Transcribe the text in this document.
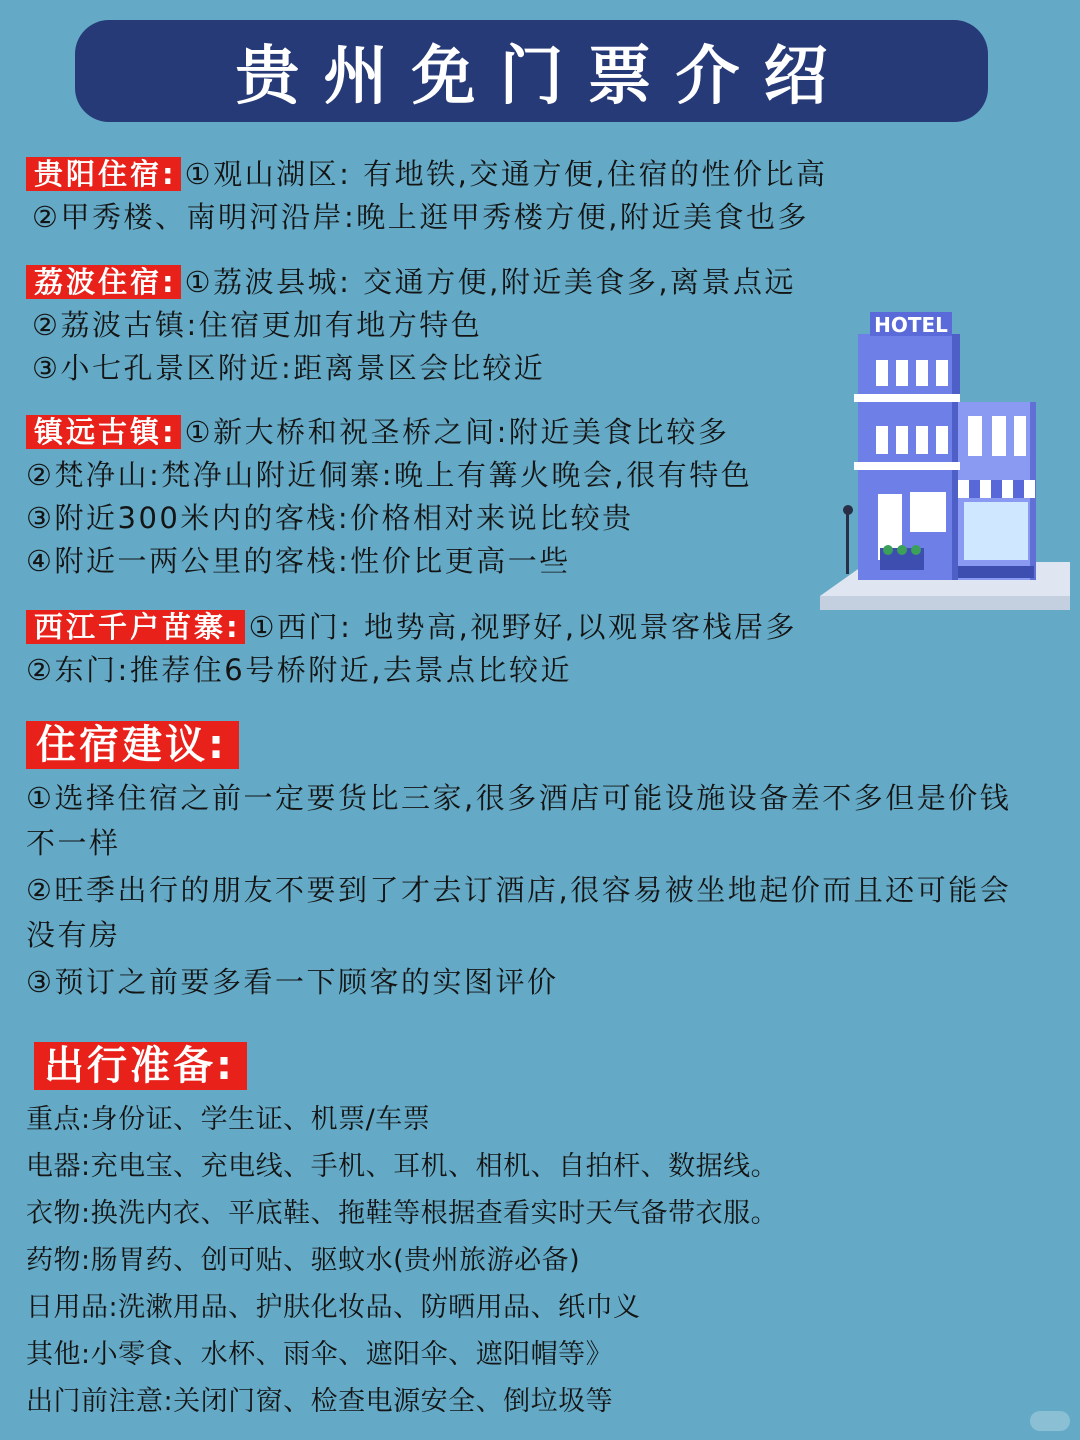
贵州免门票介绍
贵阳住宿: ①观山湖区: 有地铁,交通方便,住宿的性价比高
②甲秀楼、南明河沿岸:晚上逛甲秀楼方便,附近美食也多
荔波住宿: ①荔波县城: 交通方便,附近美食多,离景点远
②荔波古镇:住宿更加有地方特色
③小七孔景区附近:距离景区会比较近
镇远古镇: ①新大桥和祝圣桥之间:附近美食比较多
②梵净山:梵净山附近侗寨:晚上有篝火晚会,很有特色
③附近300米内的客栈:价格相对来说比较贵
④附近一两公里的客栈:性价比更高一些
西江千户苗寨: ①西门: 地势高,视野好,以观景客栈居多
②东门:推荐住6号桥附近,去景点比较近
HOTEL
住宿建议:
①选择住宿之前一定要货比三家,很多酒店可能设施设备差不多但是价钱不一样
②旺季出行的朋友不要到了才去订酒店,很容易被坐地起价而且还可能会没有房
③预订之前要多看一下顾客的实图评价
出行准备:
重点:身份证、学生证、机票/车票
电器:充电宝、充电线、手机、耳机、相机、自拍杆、数据线。
衣物:换洗内衣、平底鞋、拖鞋等根据查看实时天气备带衣服。
药物:肠胃药、创可贴、驱蚊水(贵州旅游必备)
日用品:洗漱用品、护肤化妆品、防晒用品、纸巾义
其他:小零食、水杯、雨伞、遮阳伞、遮阳帽等》
出门前注意:关闭门窗、检查电源安全、倒垃圾等
